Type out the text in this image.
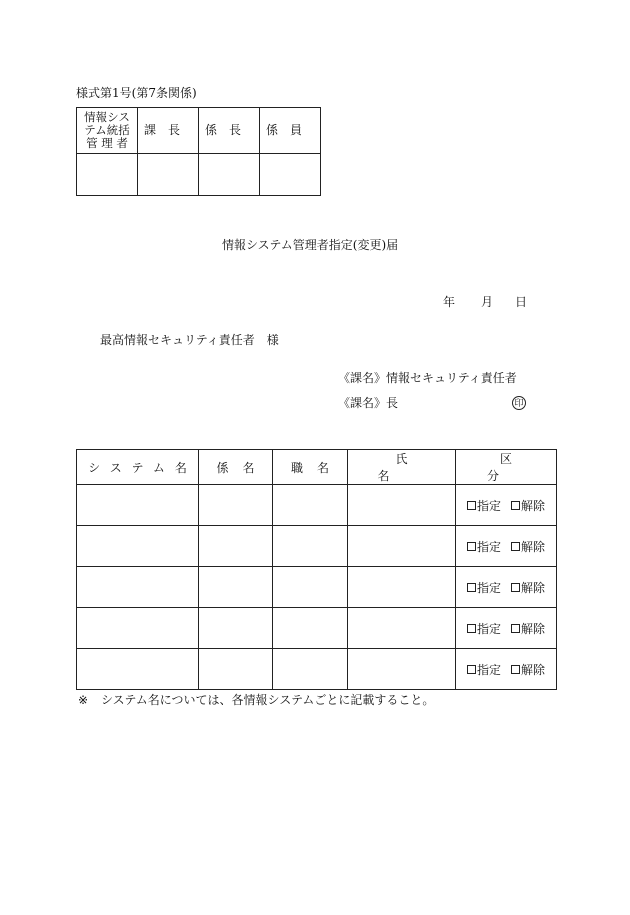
様式第1号(第7条関係)
情報シス
テム統括
管 理 者	課長	係長	係員

情報システム管理者指定(変更)届
年 月 日
最高情報セキュリティ責任者　様
《課名》情報セキュリティ責任者
《課名》長	印
システム名	係名	職名	氏名	区分

				指定 解除

				指定 解除

				指定 解除

				指定 解除

				指定 解除
※ システム名については、各情報システムごとに記載すること。
